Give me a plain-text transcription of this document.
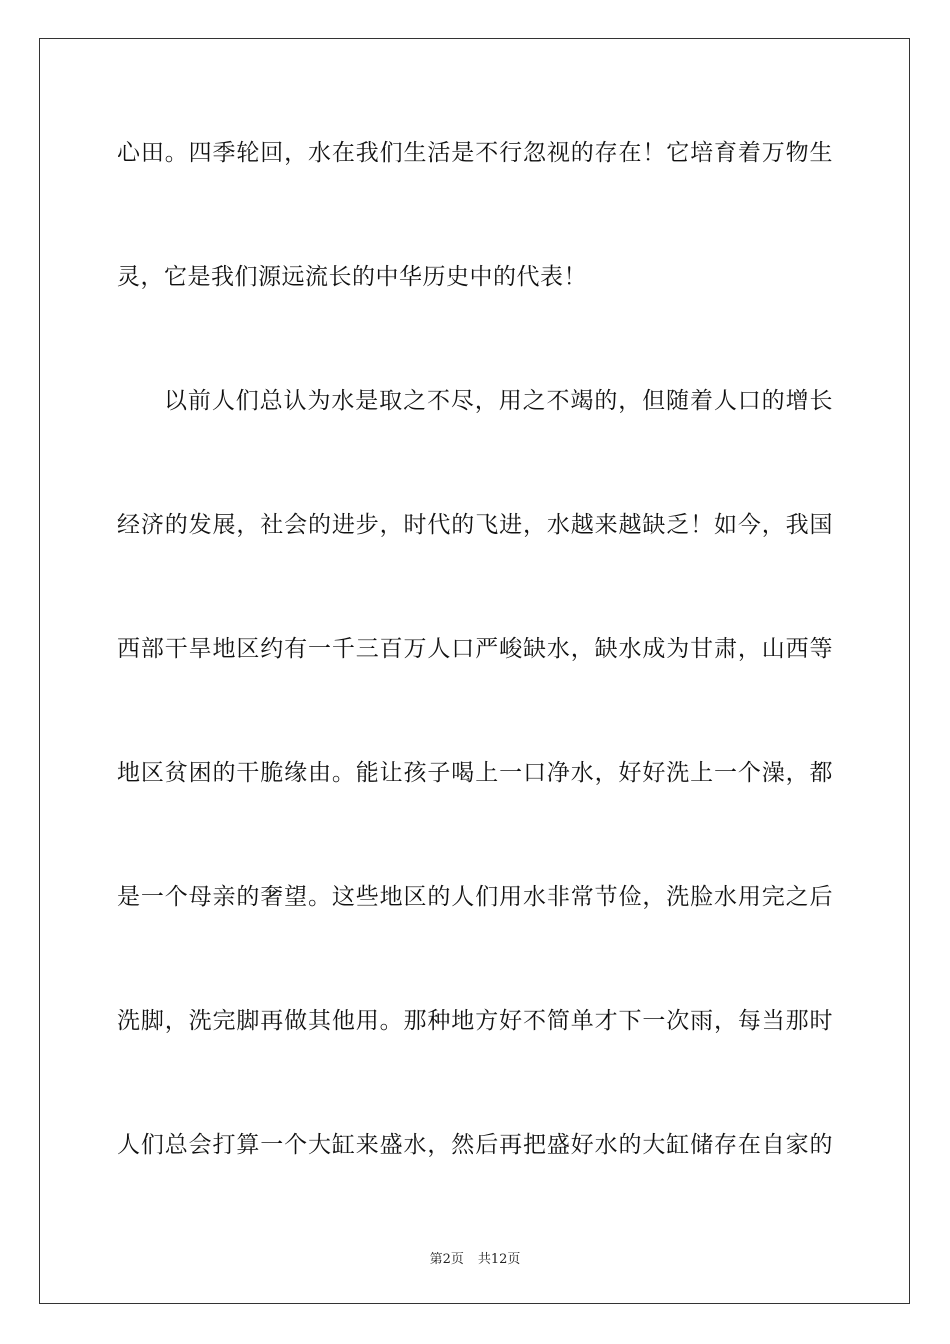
心田。四季轮回，水在我们生活是不行忽视的存在！它培育着万物生
灵，它是我们源远流长的中华历史中的代表！
以前人们总认为水是取之不尽，用之不竭的，但随着人口的增长
经济的发展，社会的进步，时代的飞进，水越来越缺乏！如今，我国
西部干旱地区约有一千三百万人口严峻缺水，缺水成为甘肃，山西等
地区贫困的干脆缘由。能让孩子喝上一口净水，好好洗上一个澡，都
是一个母亲的奢望。这些地区的人们用水非常节俭，洗脸水用完之后
洗脚，洗完脚再做其他用。那种地方好不简单才下一次雨，每当那时
人们总会打算一个大缸来盛水，然后再把盛好水的大缸储存在自家的
第2页 共12页
